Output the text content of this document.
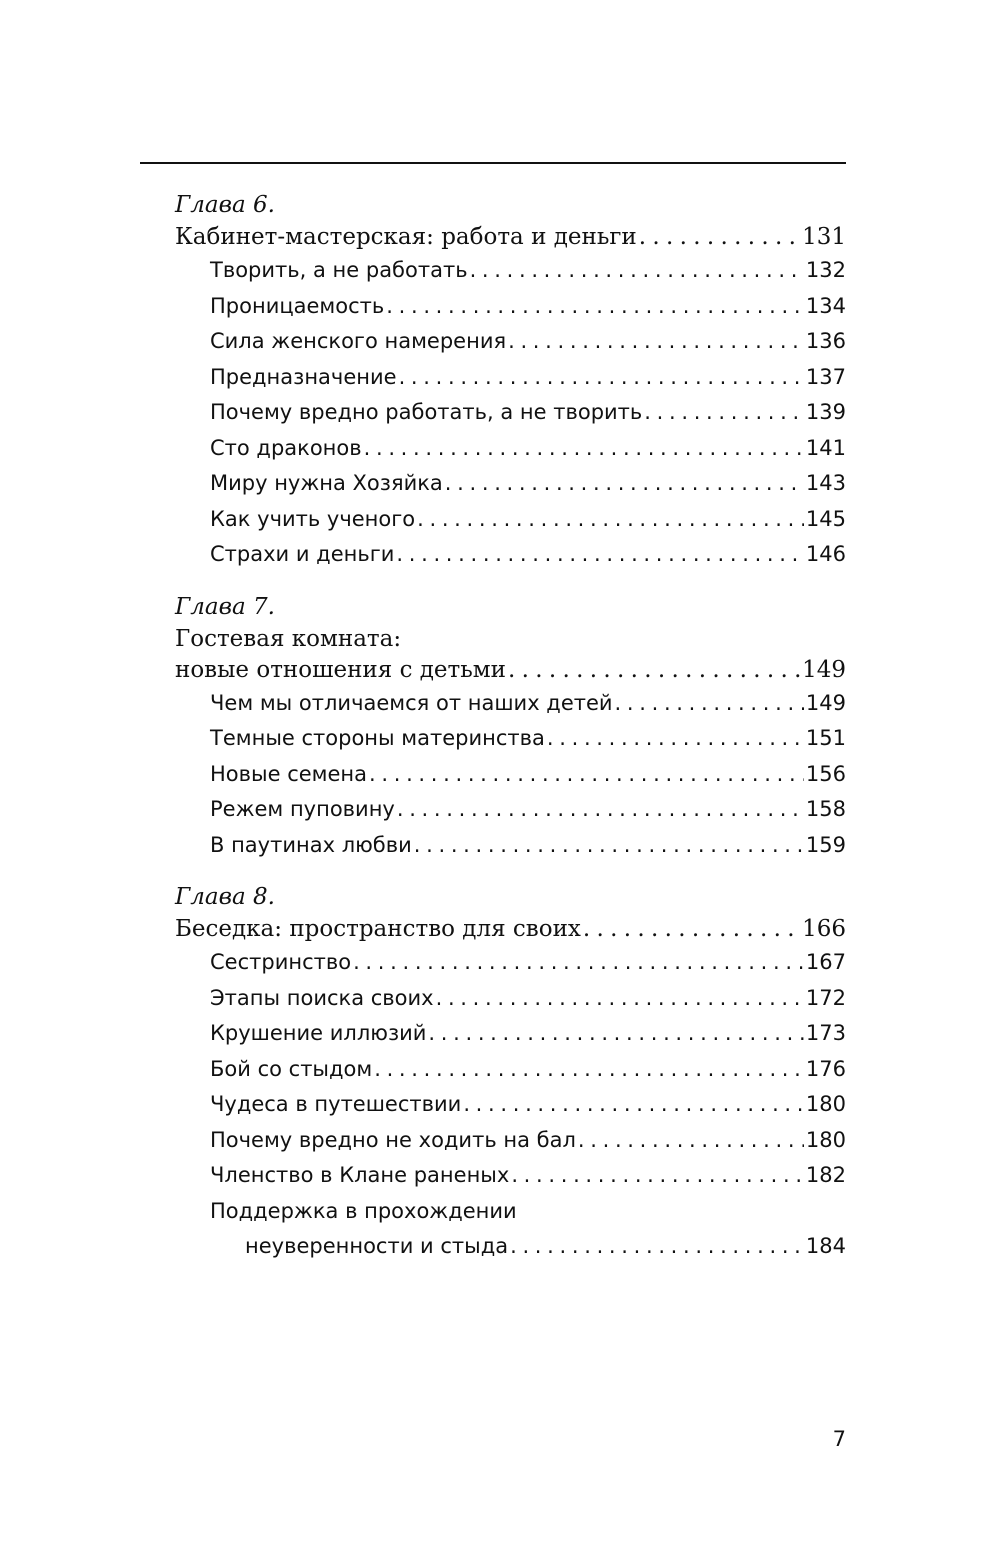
Глава 6.
Кабинет-мастерская: работа и деньги . . .	131
Творить, а не работать . . .	132
Проницаемость . . .	134
Сила женского намерения . . .	136
Предназначение . . .	137
Почему вредно работать, а не творить . . .	139
Сто драконов . . .	141
Миру нужна Хозяйка . . .	143
Как учить ученого . . .	145
Страхи и деньги . . .	146
Глава 7.
Гостевая комната:
новые отношения с детьми . . .	149
Чем мы отличаемся от наших детей . . .	149
Темные стороны материнства . . .	151
Новые семена . . .	156
Режем пуповину . . .	158
В паутинах любви . . .	159
Глава 8.
Беседка: пространство для своих . . .	166
Сестринство . . .	167
Этапы поиска своих . . .	172
Крушение иллюзий . . .	173
Бой со стыдом . . .	176
Чудеса в путешествии . . .	180
Почему вредно не ходить на бал . . .	180
Членство в Клане раненых . . .	182
Поддержка в прохождении
неуверенности и стыда . . .	184
7
